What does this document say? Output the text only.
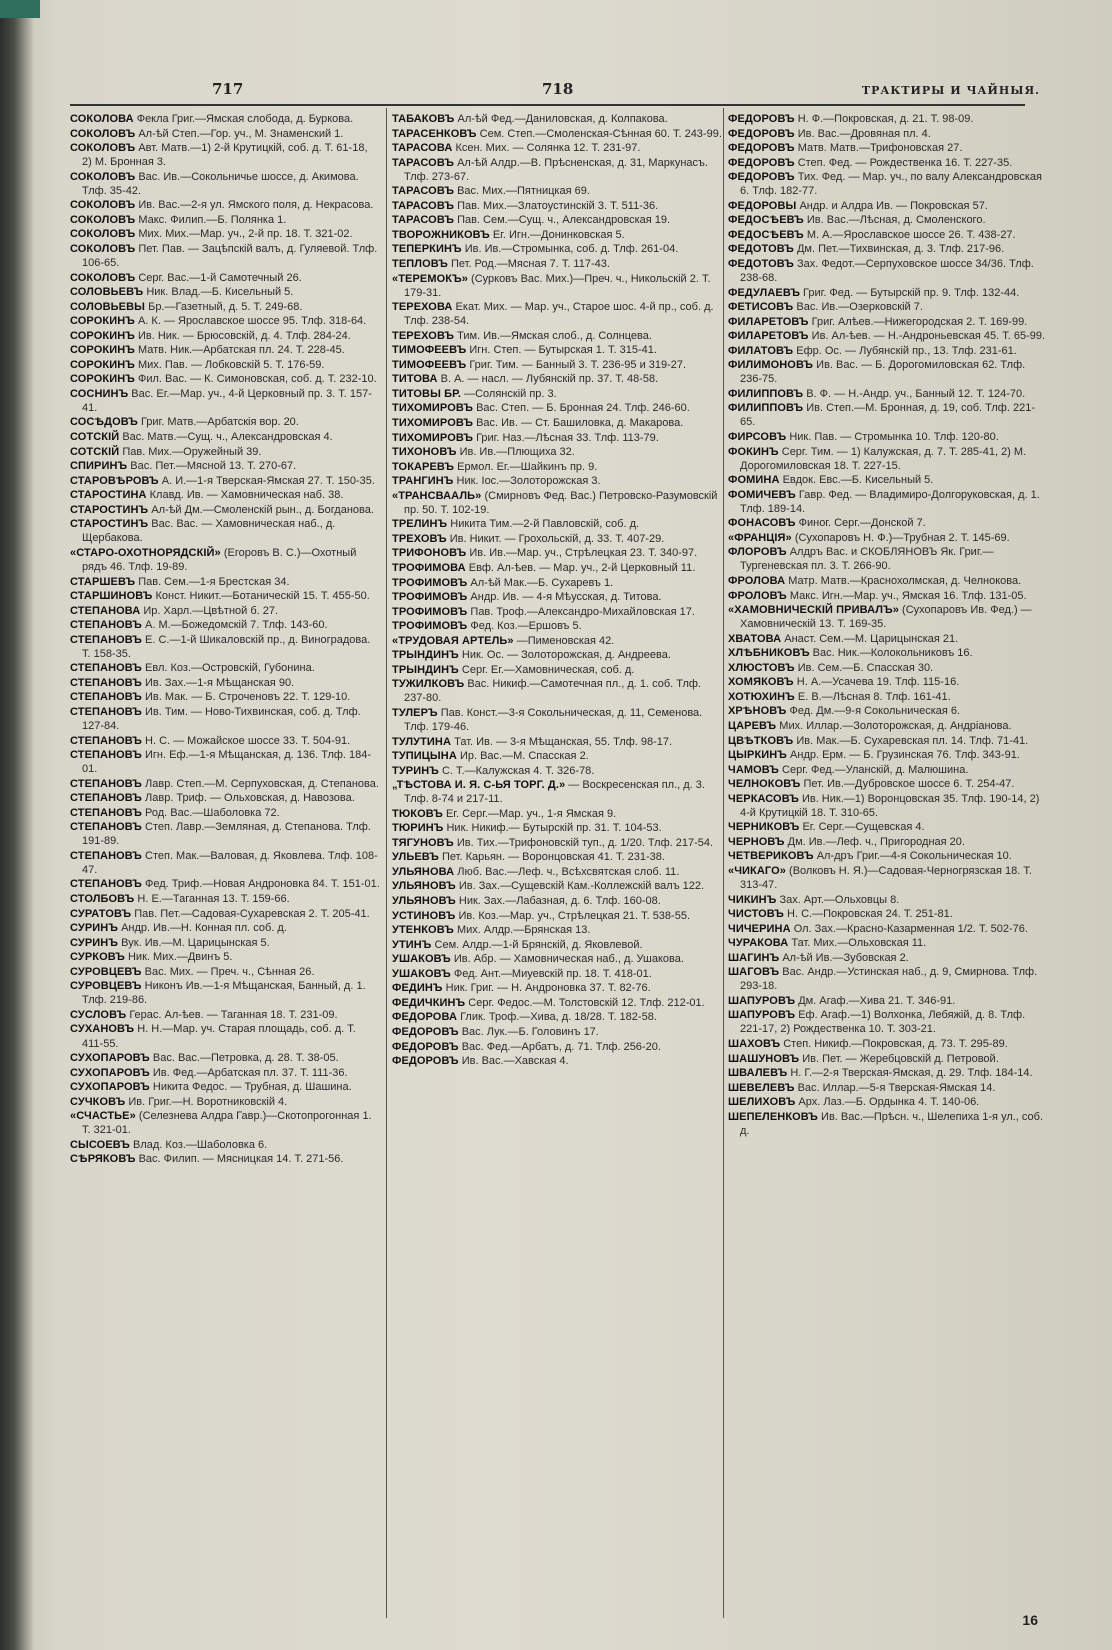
717	718	ТРАКТИРЫ И ЧАЙНЫЯ.
СОКОЛОВА Фекла Григ.—Ямская слобода, д. Буркова.
СОКОЛОВЪ Ал-ѣй Степ.—Гор. уч., М. Знаменский 1.
СОКОЛОВЪ Авт. Матв.—1) 2-й Крутицкій, соб. д. Т. 61-18, 2) М. Бронная 3.
СОКОЛОВЪ Вас. Ив.—Сокольничье шоссе, д. Акимова. Тлф. 35-42.
СОКОЛОВЪ Ив. Вас.—2-я ул. Ямского поля, д. Некрасова.
СОКОЛОВЪ Макс. Филип.—Б. Полянка 1.
СОКОЛОВЪ Мих. Мих.—Мар. уч., 2-й пр. 18. Т. 321-02.
СОКОЛОВЪ Пет. Пав. — Зацѣпскій валъ, д. Гуляевой. Тлф. 106-65.
СОКОЛОВЪ Серг. Вас.—1-й Самотечный 26.
СОЛОВЬЕВЪ Ник. Влад.—Б. Кисельный 5.
СОЛОВЬЕВЫ Бр.—Газетный, д. 5. Т. 249-68.
СОРОКИНЪ А. К. — Ярославское шоссе 95. Тлф. 318-64.
СОРОКИНЪ Ив. Ник. — Брюсовскій, д. 4. Тлф. 284-24.
СОРОКИНЪ Матв. Ник.—Арбатская пл. 24. Т. 228-45.
СОРОКИНЪ Мих. Пав. — Лобковскій 5. Т. 176-59.
СОРОКИНЪ Фил. Вас. — К. Симоновская, соб. д. Т. 232-10.
СОСНИНЪ Вас. Ег.—Мар. уч., 4-й Церковный пр. 3. Т. 157-41.
СОСѢДОВЪ Григ. Матв.—Арбатскія вор. 20.
СОТСКІЙ Вас. Матв.—Сущ. ч., Александровская 4.
СОТСКІЙ Пав. Мих.—Оружейный 39.
СПИРИНЪ Вас. Пет.—Мясной 13. Т. 270-67.
СТАРОВѢРОВЪ А. И.—1-я Тверская-Ямская 27. Т. 150-35.
СТАРОСТИНА Клавд. Ив. — Хамовническая наб. 38.
СТАРОСТИНЪ Ал-ѣй Дм.—Смоленскій рын., д. Богданова.
СТАРОСТИНЪ Вас. Вас. — Хамовническая наб., д. Щербакова.
«СТАРО-ОХОТНОРЯДСКІЙ» (Егоровъ В. С.)—Охотный рядъ 46. Тлф. 19-89.
СТАРШЕВЪ Пав. Сем.—1-я Брестская 34.
СТАРШИНОВЪ Конст. Никит.—Ботаническій 15. Т. 455-50.
СТЕПАНОВА Ир. Харл.—Цвѣтной б. 27.
СТЕПАНОВЪ А. М.—Божедомскій 7. Тлф. 143-60.
СТЕПАНОВЪ Е. С.—1-й Шикаловскій пр., д. Виноградова. Т. 158-35.
СТЕПАНОВЪ Евл. Коз.—Островскій, Губонина.
СТЕПАНОВЪ Ив. Зах.—1-я Мѣщанская 90.
СТЕПАНОВЪ Ив. Мак. — Б. Строченовъ 22. Т. 129-10.
СТЕПАНОВЪ Ив. Тим. — Ново-Тихвинская, соб. д. Тлф. 127-84.
СТЕПАНОВЪ Н. С. — Можайское шоссе 33. Т. 504-91.
СТЕПАНОВЪ Игн. Еф.—1-я Мѣщанская, д. 136. Тлф. 184-01.
СТЕПАНОВЪ Лавр. Степ.—М. Серпуховская, д. Степанова.
СТЕПАНОВЪ Лавр. Триф. — Ольховская, д. Навозова.
СТЕПАНОВЪ Род. Вас.—Шаболовка 72.
СТЕПАНОВЪ Степ. Лавр.—Земляная, д. Степанова. Тлф. 191-89.
СТЕПАНОВЪ Степ. Мак.—Валовая, д. Яковлева. Тлф. 108-47.
СТЕПАНОВЪ Фед. Триф.—Новая Андроновка 84. Т. 151-01.
СТОЛБОВЪ Н. Е.—Таганная 13. Т. 159-66.
СУРАТОВЪ Пав. Пет.—Садовая-Сухаревская 2. Т. 205-41.
СУРИНЪ Андр. Ив.—Н. Конная пл. соб. д.
СУРИНЪ Вук. Ив.—М. Царицынская 5.
СУРКОВЪ Ник. Мих.—Двинъ 5.
СУРОВЦЕВЪ Вас. Мих. — Преч. ч., Сѣнная 26.
СУРОВЦЕВЪ Никонъ Ив.—1-я Мѣщанская, Банный, д. 1. Тлф. 219-86.
СУСЛОВЪ Герас. Ал-ѣев. — Таганная 18. Т. 231-09.
СУХАНОВЪ Н. Н.—Мар. уч. Старая площадь, соб. д. Т. 411-55.
СУХОПАРОВЪ Вас. Вас.—Петровка, д. 28. Т. 38-05.
СУХОПАРОВЪ Ив. Фед.—Арбатская пл. 37. Т. 111-36.
СУХОПАРОВЪ Никита Федос. — Трубная, д. Шашина.
СУЧКОВЪ Ив. Григ.—Н. Воротниковскій 4.
«СЧАСТЬЕ» (Селезнева Алдра Гавр.)—Скотопрогонная 1. Т. 321-01.
СЫСОЕВЪ Влад. Коз.—Шаболовка 6.
СѢРЯКОВЪ Вас. Филип. — Мясницкая 14. Т. 271-56.
ТАБАКОВЪ Ал-ѣй Фед.—Даниловская, д. Колпакова.
ТАРАСЕНКОВЪ Сем. Степ.—Смоленская-Сѣнная 60. Т. 243-99.
ТАРАСОВА Ксен. Мих. — Солянка 12. Т. 231-97.
ТАРАСОВЪ Ал-ѣй Алдр.—В. Прѣсненская, д. 31, Маркунасъ. Тлф. 273-67.
ТАРАСОВЪ Вас. Мих.—Пятницкая 69.
ТАРАСОВЪ Пав. Мих.—Златоустинскій 3. Т. 511-36.
ТАРАСОВЪ Пав. Сем.—Сущ. ч., Александровская 19.
ТВОРОЖНИКОВЪ Ег. Игн.—Донинковская 5.
ТЕПЕРКИНЪ Ив. Ив.—Стромынка, соб. д. Тлф. 261-04.
ТЕПЛОВЪ Пет. Род.—Мясная 7. Т. 117-43.
«ТЕРЕМОКЪ» (Сурковъ Вас. Мих.)—Преч. ч., Никольскій 2. Т. 179-31.
ТЕРЕХОВА Екат. Мих. — Мар. уч., Старое шос. 4-й пр., соб. д. Тлф. 238-54.
ТЕРЕХОВЪ Тим. Ив.—Ямская слоб., д. Солнцева.
ТИМОФЕЕВЪ Игн. Степ. — Бутырская 1. Т. 315-41.
ТИМОФЕЕВЪ Григ. Тим. — Банный 3. Т. 236-95 и 319-27.
ТИТОВА В. А. — насл. — Лубянскій пр. 37. Т. 48-58.
ТИТОВЫ БР. —Солянскій пр. 3.
ТИХОМИРОВЪ Вас. Степ. — Б. Бронная 24. Тлф. 246-60.
ТИХОМИРОВЪ Вас. Ив. — Ст. Башиловка, д. Макарова.
ТИХОМИРОВЪ Григ. Наз.—Лѣсная 33. Тлф. 113-79.
ТИХОНОВЪ Ив. Ив.—Плющиха 32.
ТОКАРЕВЪ Ермол. Ег.—Шайкинъ пр. 9.
ТРАНГИНЪ Ник. Іос.—Золоторожская 3.
«ТРАНСВААЛЬ» (Смирновъ Фед. Вас.) Петровско-Разумовскій пр. 50. Т. 102-19.
ТРЕЛИНЪ Никита Тим.—2-й Павловскій, соб. д.
ТРЕХОВЪ Ив. Никит. — Грохольскій, д. 33. Т. 407-29.
ТРИФОНОВЪ Ив. Ив.—Мар. уч., Стрѣлецкая 23. Т. 340-97.
ТРОФИМОВА Евф. Ал-ѣев. — Мар. уч., 2-й Церковный 11.
ТРОФИМОВЪ Ал-ѣй Мак.—Б. Сухаревъ 1.
ТРОФИМОВЪ Андр. Ив. — 4-я Мѣусская, д. Титова.
ТРОФИМОВЪ Пав. Троф.—Александро-Михайловская 17.
ТРОФИМОВЪ Фед. Коз.—Ершовъ 5.
«ТРУДОВАЯ АРТЕЛЬ» —Пименовская 42.
ТРЫНДИНЪ Ник. Ос. — Золоторожская, д. Андреева.
ТРЫНДИНЪ Серг. Ег.—Хамовническая, соб. д.
ТУЖИЛКОВЪ Вас. Никиф.—Самотечная пл., д. 1. соб. Тлф. 237-80.
ТУЛЕРЪ Пав. Конст.—3-я Сокольническая, д. 11, Семенова. Тлф. 179-46.
ТУЛУТИНА Тат. Ив. — 3-я Мѣщанская, 55. Тлф. 98-17.
ТУПИЦЫНА Ир. Вас.—М. Спасская 2.
ТУРИНЪ С. Т.—Калужская 4. Т. 326-78.
„ТѢСТОВА И. Я. С-ЬЯ ТОРГ. Д.» — Воскресенская пл., д. 3. Тлф. 8-74 и 217-11.
ТЮКОВЪ Ег. Серг.—Мар. уч., 1-я Ямская 9.
ТЮРИНЪ Ник. Никиф.— Бутырскій пр. 31. Т. 104-53.
ТЯГУНОВЪ Ив. Тих.—Трифоновскій туп., д. 1/20. Тлф. 217-54.
УЛЬЕВЪ Пет. Карьян. — Воронцовская 41. Т. 231-38.
УЛЬЯНОВА Люб. Вас.—Леф. ч., Всѣхсвятская слоб. 11.
УЛЬЯНОВЪ Ив. Зах.—Сущевскій Кам.-Коллежскій валъ 122.
УЛЬЯНОВЪ Ник. Зах.—Лабазная, д. 6. Тлф. 160-08.
УСТИНОВЪ Ив. Коз.—Мар. уч., Стрѣлецкая 21. Т. 538-55.
УТЕНКОВЪ Мих. Алдр.—Брянская 13.
УТИНЪ Сем. Алдр.—1-й Брянскій, д. Яковлевой.
УШАКОВЪ Ив. Абр. — Хамовническая наб., д. Ушакова.
УШАКОВЪ Фед. Ант.—Миуевскій пр. 18. Т. 418-01.
ФЕДИНЪ Ник. Григ. — Н. Андроновка 37. Т. 82-76.
ФЕДИЧКИНЪ Серг. Федос.—М. Толстовскій 12. Тлф. 212-01.
ФЕДОРОВА Глик. Троф.—Хива, д. 18/28. Т. 182-58.
ФЕДОРОВЪ Вас. Лук.—Б. Головинъ 17.
ФЕДОРОВЪ Вас. Фед.—Арбатъ, д. 71. Тлф. 256-20.
ФЕДОРОВЪ Ив. Вас.—Хавская 4.
ФЕДОРОВЪ Н. Ф.—Покровская, д. 21. Т. 98-09.
ФЕДОРОВЪ Ив. Вас.—Дровяная пл. 4.
ФЕДОРОВЪ Матв. Матв.—Трифоновская 27.
ФЕДОРОВЪ Степ. Фед. — Рождественка 16. Т. 227-35.
ФЕДОРОВЪ Тих. Фед. — Мар. уч., по валу Александровская 6. Тлф. 182-77.
ФЕДОРОВЫ Андр. и Алдра Ив. — Покровская 57.
ФЕДОСѢЕВЪ Ив. Вас.—Лѣсная, д. Смоленского.
ФЕДОСѢЕВЪ М. А.—Ярославское шоссе 26. Т. 438-27.
ФЕДОТОВЪ Дм. Пет.—Тихвинская, д. 3. Тлф. 217-96.
ФЕДОТОВЪ Зах. Федот.—Серпуховское шоссе 34/36. Тлф. 238-68.
ФЕДУЛАЕВЪ Григ. Фед. — Бутырскій пр. 9. Тлф. 132-44.
ФЕТИСОВЪ Вас. Ив.—Озерковскій 7.
ФИЛАРЕТОВЪ Григ. Алѣев.—Нижегородская 2. Т. 169-99.
ФИЛАРЕТОВЪ Ив. Ал-ѣев. — Н.-Андроньевская 45. Т. 65-99.
ФИЛАТОВЪ Ефр. Ос. — Лубянскій пр., 13. Тлф. 231-61.
ФИЛИМОНОВЪ Ив. Вас. — Б. Дорогомиловская 62. Тлф. 236-75.
ФИЛИППОВЪ В. Ф. — Н.-Андр. уч., Банный 12. Т. 124-70.
ФИЛИППОВЪ Ив. Степ.—М. Бронная, д. 19, соб. Тлф. 221-65.
ФИРСОВЪ Ник. Пав. — Стромынка 10. Тлф. 120-80.
ФОКИНЪ Серг. Тим. — 1) Калужская, д. 7. Т. 285-41, 2) М. Дорогомиловская 18. Т. 227-15.
ФОМИНА Евдок. Евс.—Б. Кисельный 5.
ФОМИЧЕВЪ Гавр. Фед. — Владимиро-Долгоруковская, д. 1. Тлф. 189-14.
ФОНАСОВЪ Финог. Серг.—Донской 7.
«ФРАНЦІЯ» (Сухопаровъ Н. Ф.)—Трубная 2. Т. 145-69.
ФЛОРОВЪ Алдръ Вас. и СКОБЛЯНОВЪ Як. Григ.—Тургеневская пл. 3. Т. 266-90.
ФРОЛОВА Матр. Матв.—Краснохолмская, д. Челнокова.
ФРОЛОВЪ Макс. Игн.—Мар. уч., Ямская 16. Тлф. 131-05.
«ХАМОВНИЧЕСКІЙ ПРИВАЛЪ» (Сухопаровъ Ив. Фед.) — Хамовническій 13. Т. 169-35.
ХВАТОВА Анаст. Сем.—М. Царицынская 21.
ХЛѢБНИКОВЪ Вас. Ник.—Колокольниковъ 16.
ХЛЮСТОВЪ Ив. Сем.—Б. Спасская 30.
ХОМЯКОВЪ Н. А.—Усачева 19. Тлф. 115-16.
ХОТЮХИНЪ Е. В.—Лѣсная 8. Тлф. 161-41.
ХРѢНОВЪ Фед. Дм.—9-я Сокольническая 6.
ЦАРЕВЪ Мих. Иллар.—Золоторожская, д. Андріанова.
ЦВѢТКОВЪ Ив. Мак.—Б. Сухаревская пл. 14. Тлф. 71-41.
ЦЫРКИНЪ Андр. Ерм. — Б. Грузинская 76. Тлф. 343-91.
ЧАМОВЪ Серг. Фед.—Уланскій, д. Малюшина.
ЧЕЛНОКОВЪ Пет. Ив.—Дубровское шоссе 6. Т. 254-47.
ЧЕРКАСОВЪ Ив. Ник.—1) Воронцовская 35. Тлф. 190-14, 2) 4-й Крутицкій 18. Т. 310-65.
ЧЕРНИКОВЪ Ег. Серг.—Сущевская 4.
ЧЕРНОВЪ Дм. Ив.—Леф. ч., Пригородная 20.
ЧЕТВЕРИКОВЪ Ал-дръ Григ.—4-я Сокольническая 10.
«ЧИКАГО» (Волковъ Н. Я.)—Садовая-Черногрязская 18. Т. 313-47.
ЧИКИНЪ Зах. Арт.—Ольховцы 8.
ЧИСТОВЪ Н. С.—Покровская 24. Т. 251-81.
ЧИЧЕРИНА Ол. Зах.—Красно-Казарменная 1/2. Т. 502-76.
ЧУРАКОВА Тат. Мих.—Ольховская 11.
ШАГИНЪ Ал-ѣй Ив.—Зубовская 2.
ШАГОВЪ Вас. Андр.—Устинская наб., д. 9, Смирнова. Тлф. 293-18.
ШАПУРОВЪ Дм. Агаф.—Хива 21. Т. 346-91.
ШАПУРОВЪ Еф. Агаф.—1) Волхонка, Лебяжій, д. 8. Тлф. 221-17, 2) Рождественка 10. Т. 303-21.
ШАХОВЪ Степ. Никиф.—Покровская, д. 73. Т. 295-89.
ШАШУНОВЪ Ив. Пет. — Жеребцовскій д. Петровой.
ШВАЛЕВЪ Н. Г.—2-я Тверская-Ямская, д. 29. Тлф. 184-14.
ШЕВЕЛЕВЪ Вас. Иллар.—5-я Тверская-Ямская 14.
ШЕЛИХОВЪ Арх. Лаз.—Б. Ордынка 4. Т. 140-06.
ШЕПЕЛЕНКОВЪ Ив. Вас.—Прѣсн. ч., Шелепиха 1-я ул., соб. д.
16
